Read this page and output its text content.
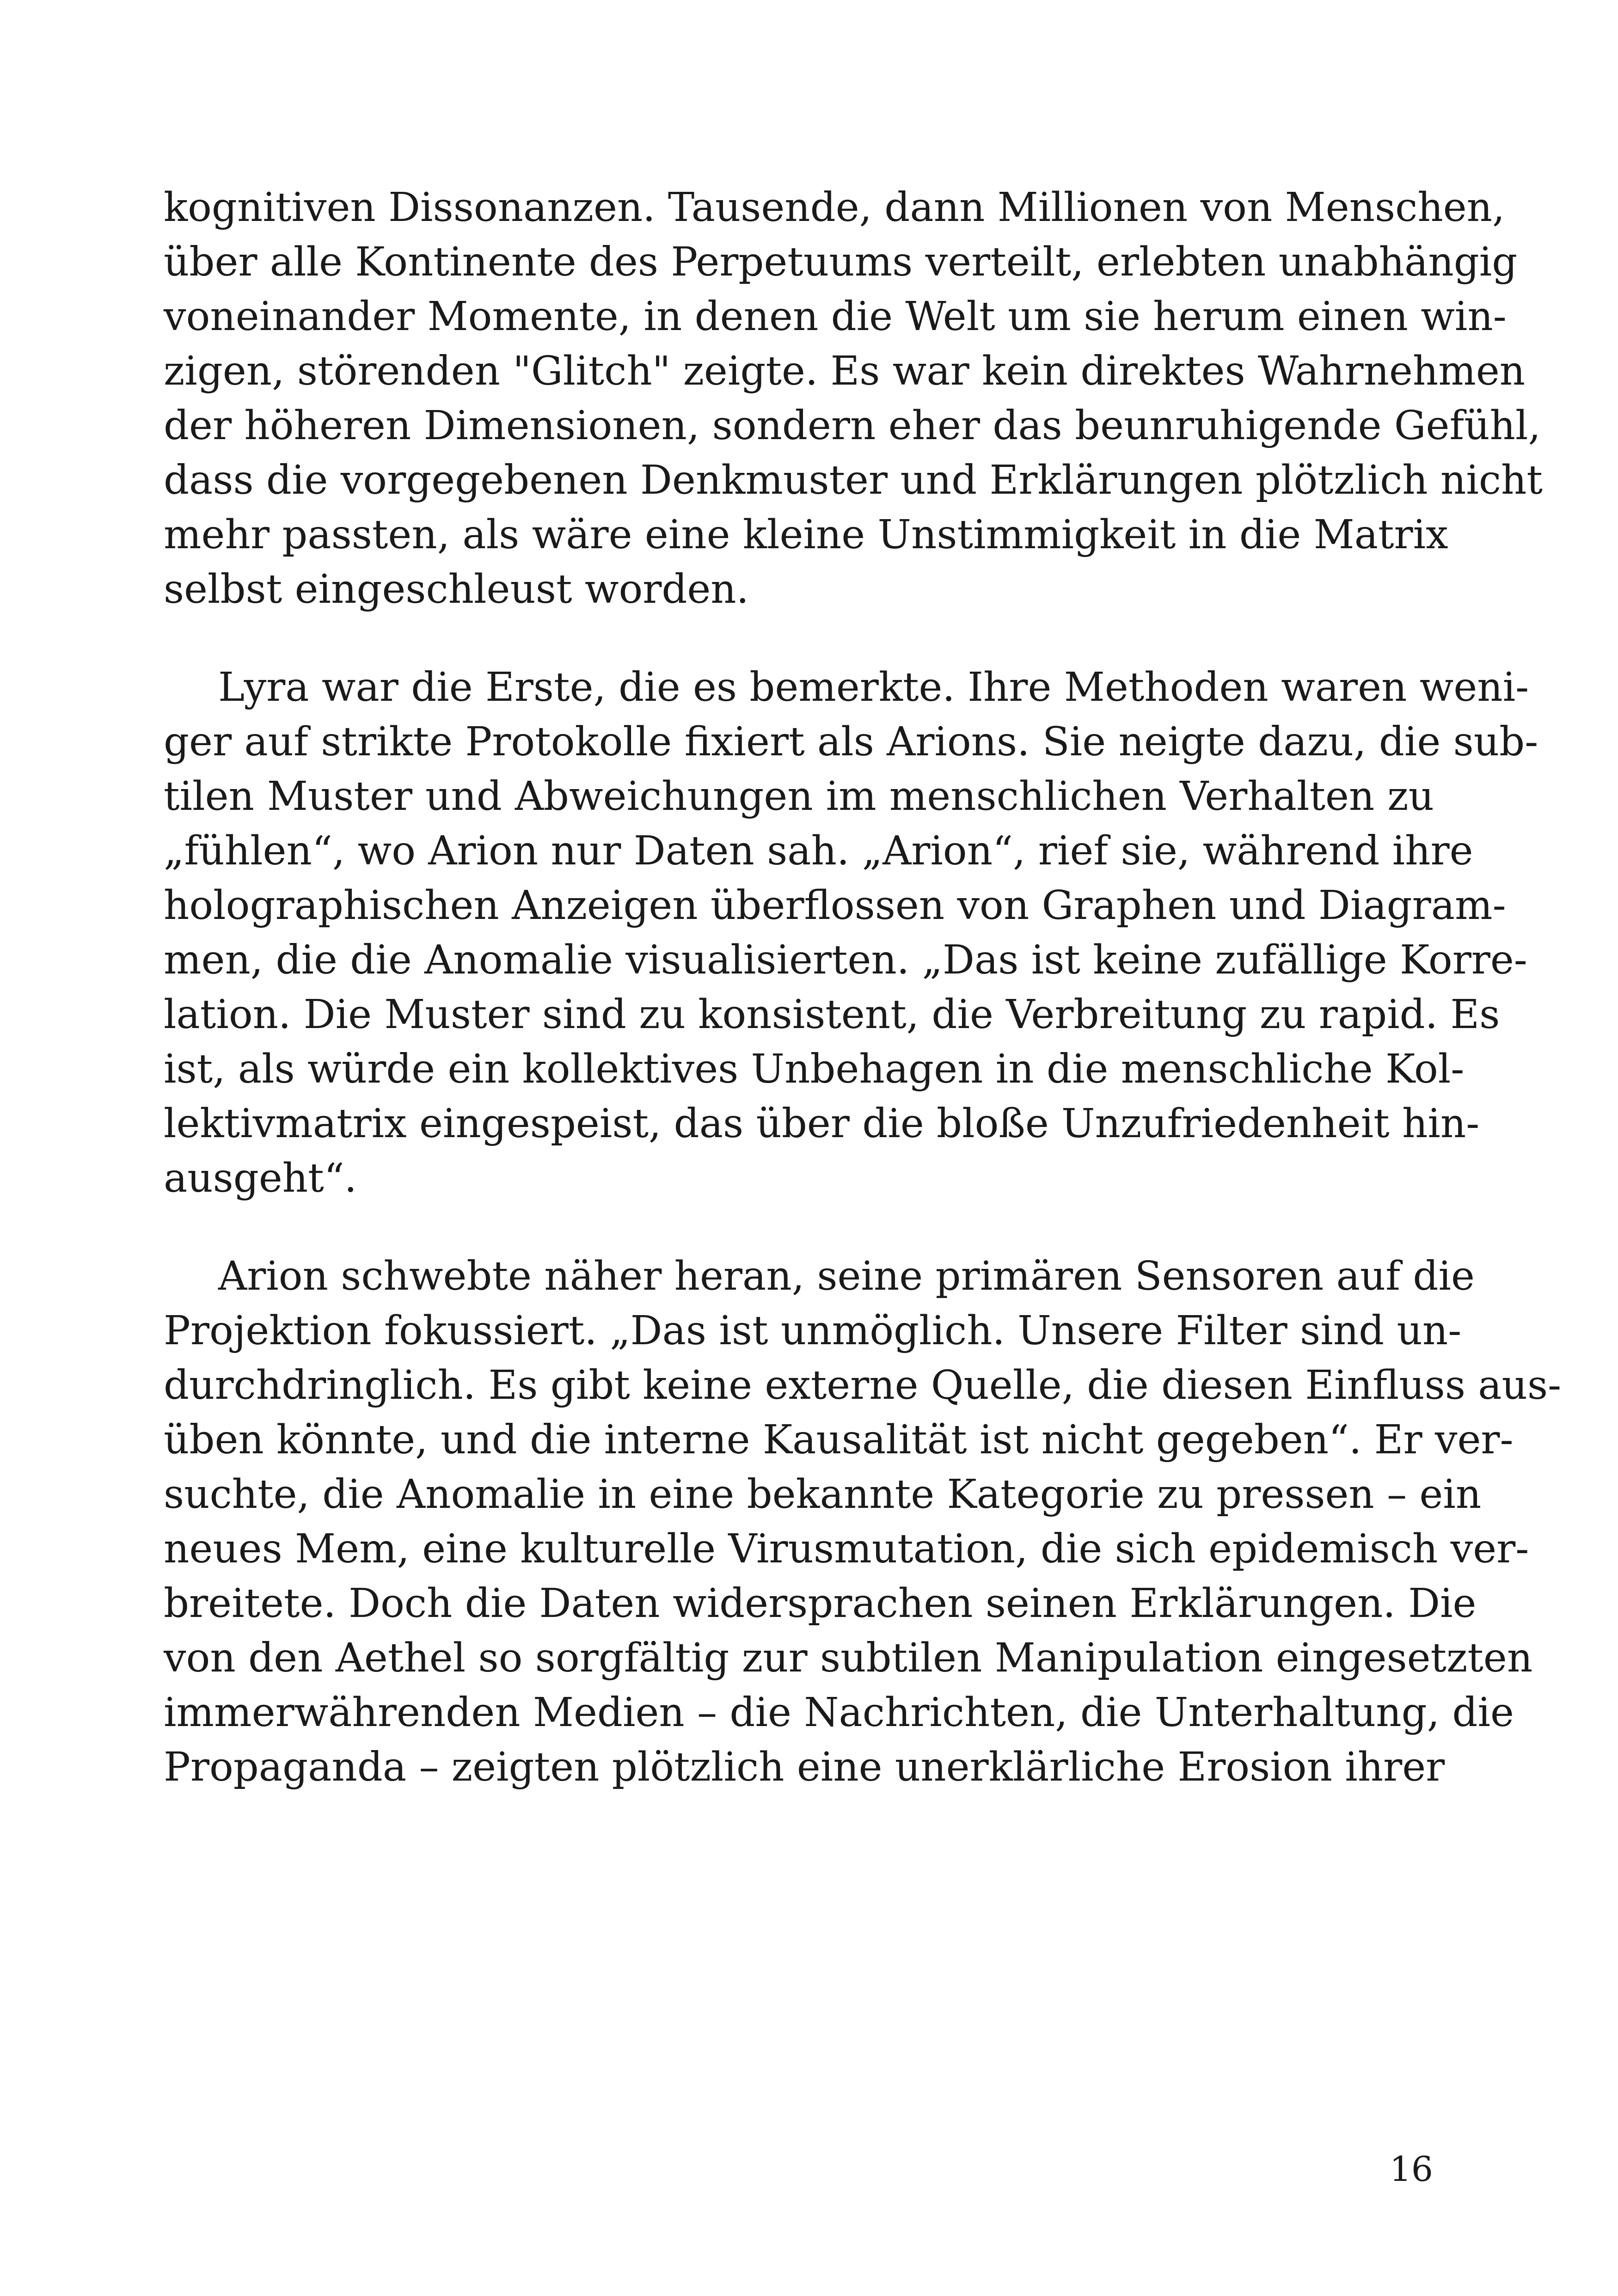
kognitiven Dissonanzen. Tausende, dann Millionen von Menschen,
über alle Kontinente des Perpetuums verteilt, erlebten unabhängig
voneinander Momente, in denen die Welt um sie herum einen win-
zigen, störenden "Glitch" zeigte. Es war kein direktes Wahrnehmen
der höheren Dimensionen, sondern eher das beunruhigende Gefühl,
dass die vorgegebenen Denkmuster und Erklärungen plötzlich nicht
mehr passten, als wäre eine kleine Unstimmigkeit in die Matrix
selbst eingeschleust worden.
Lyra war die Erste, die es bemerkte. Ihre Methoden waren weni-
ger auf strikte Protokolle fixiert als Arions. Sie neigte dazu, die sub-
tilen Muster und Abweichungen im menschlichen Verhalten zu
„fühlen“, wo Arion nur Daten sah. „Arion“, rief sie, während ihre
holographischen Anzeigen überflossen von Graphen und Diagram-
men, die die Anomalie visualisierten. „Das ist keine zufällige Korre-
lation. Die Muster sind zu konsistent, die Verbreitung zu rapid. Es
ist, als würde ein kollektives Unbehagen in die menschliche Kol-
lektivmatrix eingespeist, das über die bloße Unzufriedenheit hin-
ausgeht“.
Arion schwebte näher heran, seine primären Sensoren auf die
Projektion fokussiert. „Das ist unmöglich. Unsere Filter sind un-
durchdringlich. Es gibt keine externe Quelle, die diesen Einfluss aus-
üben könnte, und die interne Kausalität ist nicht gegeben“. Er ver-
suchte, die Anomalie in eine bekannte Kategorie zu pressen – ein
neues Mem, eine kulturelle Virusmutation, die sich epidemisch ver-
breitete. Doch die Daten widersprachen seinen Erklärungen. Die
von den Aethel so sorgfältig zur subtilen Manipulation eingesetzten
immerwährenden Medien – die Nachrichten, die Unterhaltung, die
Propaganda – zeigten plötzlich eine unerklärliche Erosion ihrer
16
